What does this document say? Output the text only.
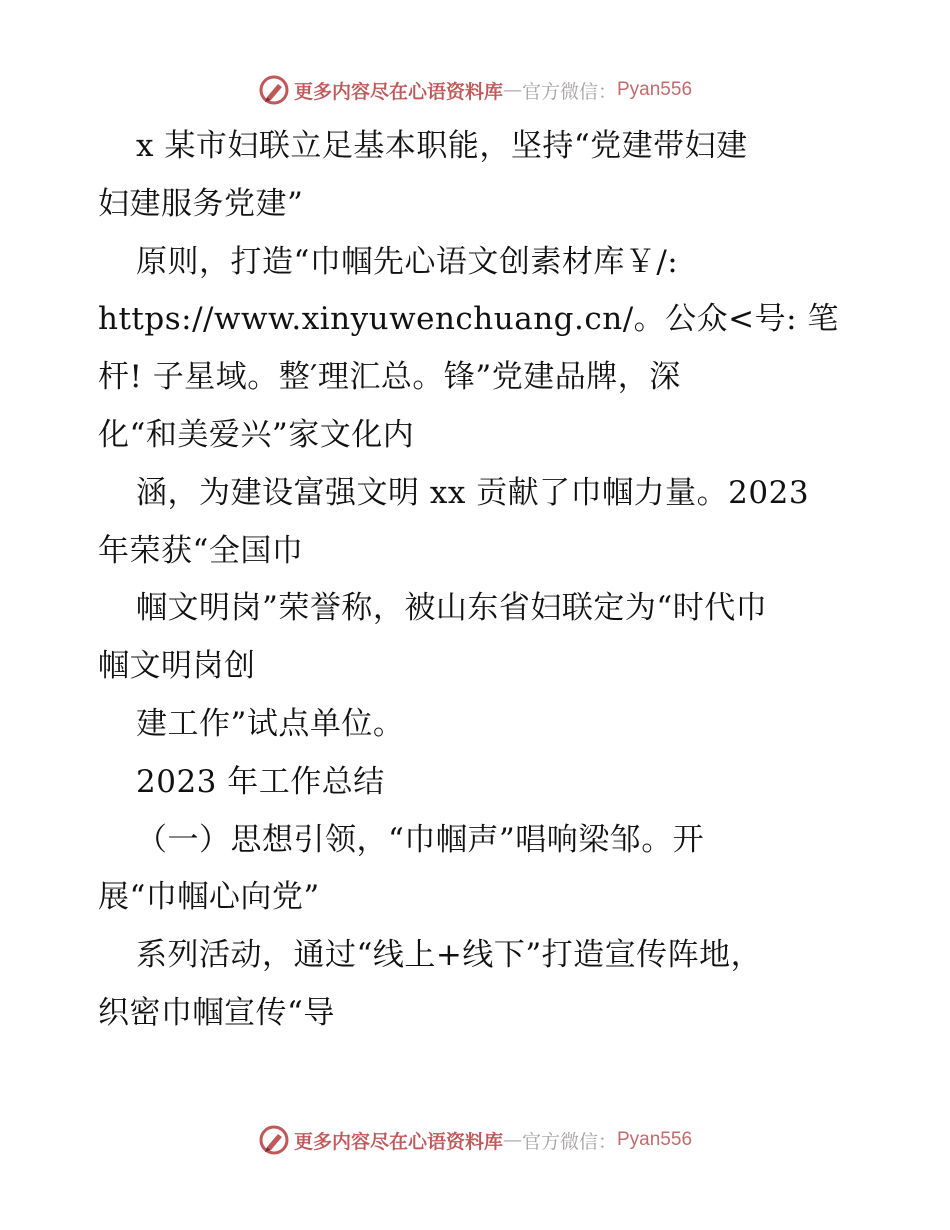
更多内容尽在心语资料库 — 官方微信： Pyan556
x 某市妇联立足基本职能，坚持“党建带妇建
妇建服务党建”
原则，打造“巾帼先心语文创素材库￥/:
https://www.xinyuwenchuang.cn/。公众<号: 笔
杆! 子星域。整′理汇总。锋”党建品牌，深
化“和美爱兴”家文化内
涵，为建设富强文明 xx 贡献了巾帼力量。2023
年荣获“全国巾
帼文明岗”荣誉称，被山东省妇联定为“时代巾
帼文明岗创
建工作”试点单位。
2023 年工作总结
（一）思想引领，“巾帼声”唱响梁邹。开
展“巾帼心向党”
系列活动，通过“线上+线下”打造宣传阵地，
织密巾帼宣传“导
更多内容尽在心语资料库 — 官方微信： Pyan556
